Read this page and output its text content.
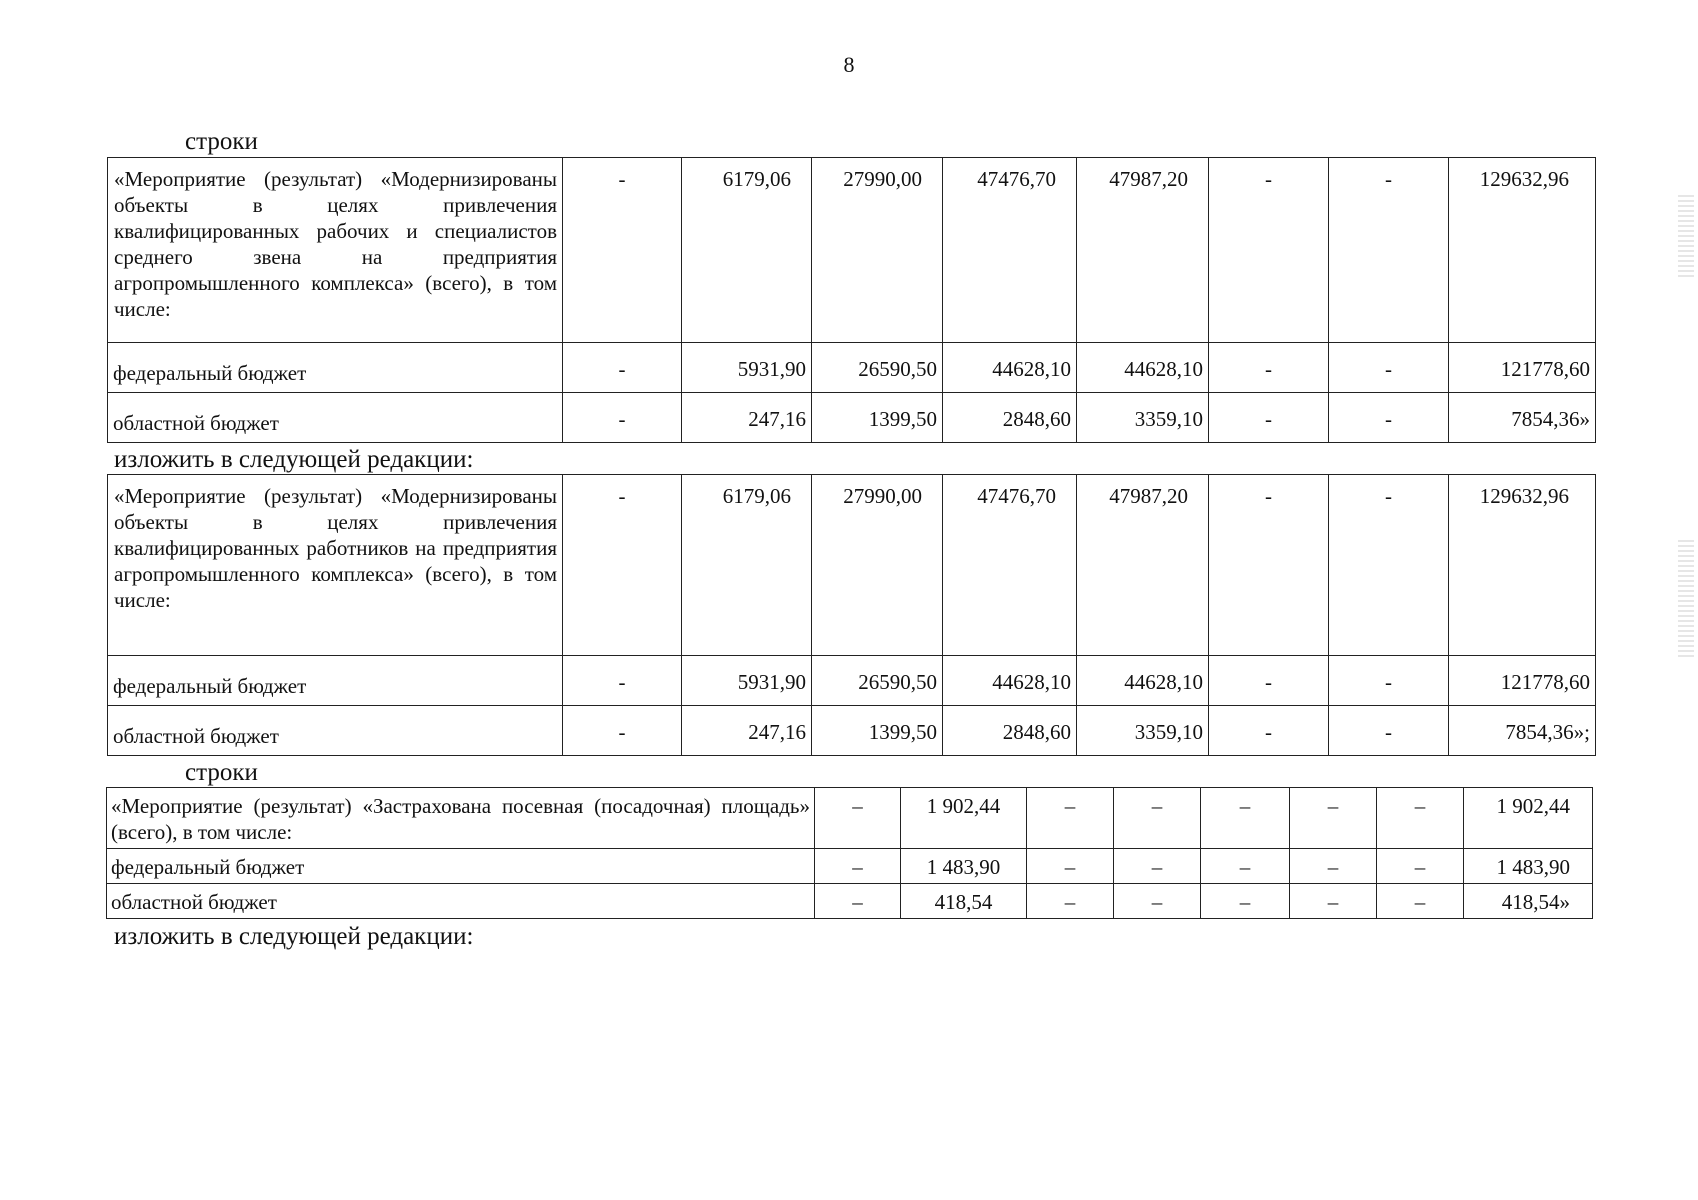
8
строки
«Мероприятие (результат) «Модернизированы объекты в целях привлечения квалифицированных рабочих и специалистов среднего звена на предприятия агропромышленного комплекса» (всего), в том числе:	-	6179,06	27990,00	47476,70	47987,20	-	-	129632,96
федеральный бюджет	-	5931,90	26590,50	44628,10	44628,10	-	-	121778,60
областной бюджет	-	247,16	1399,50	2848,60	3359,10	-	-	7854,36»
изложить в следующей редакции:
«Мероприятие (результат) «Модернизированы объекты в целях привлечения квалифицированных работников на предприятия агропромышленного комплекса» (всего), в том числе:	-	6179,06	27990,00	47476,70	47987,20	-	-	129632,96
федеральный бюджет	-	5931,90	26590,50	44628,10	44628,10	-	-	121778,60
областной бюджет	-	247,16	1399,50	2848,60	3359,10	-	-	7854,36»;
строки
«Мероприятие (результат) «Застрахована посевная (посадочная) площадь» (всего), в том числе:	–	1 902,44	–	–	–	–	–	1 902,44
федеральный бюджет	–	1 483,90	–	–	–	–	–	1 483,90
областной бюджет	–	418,54	–	–	–	–	–	418,54»
изложить в следующей редакции:
